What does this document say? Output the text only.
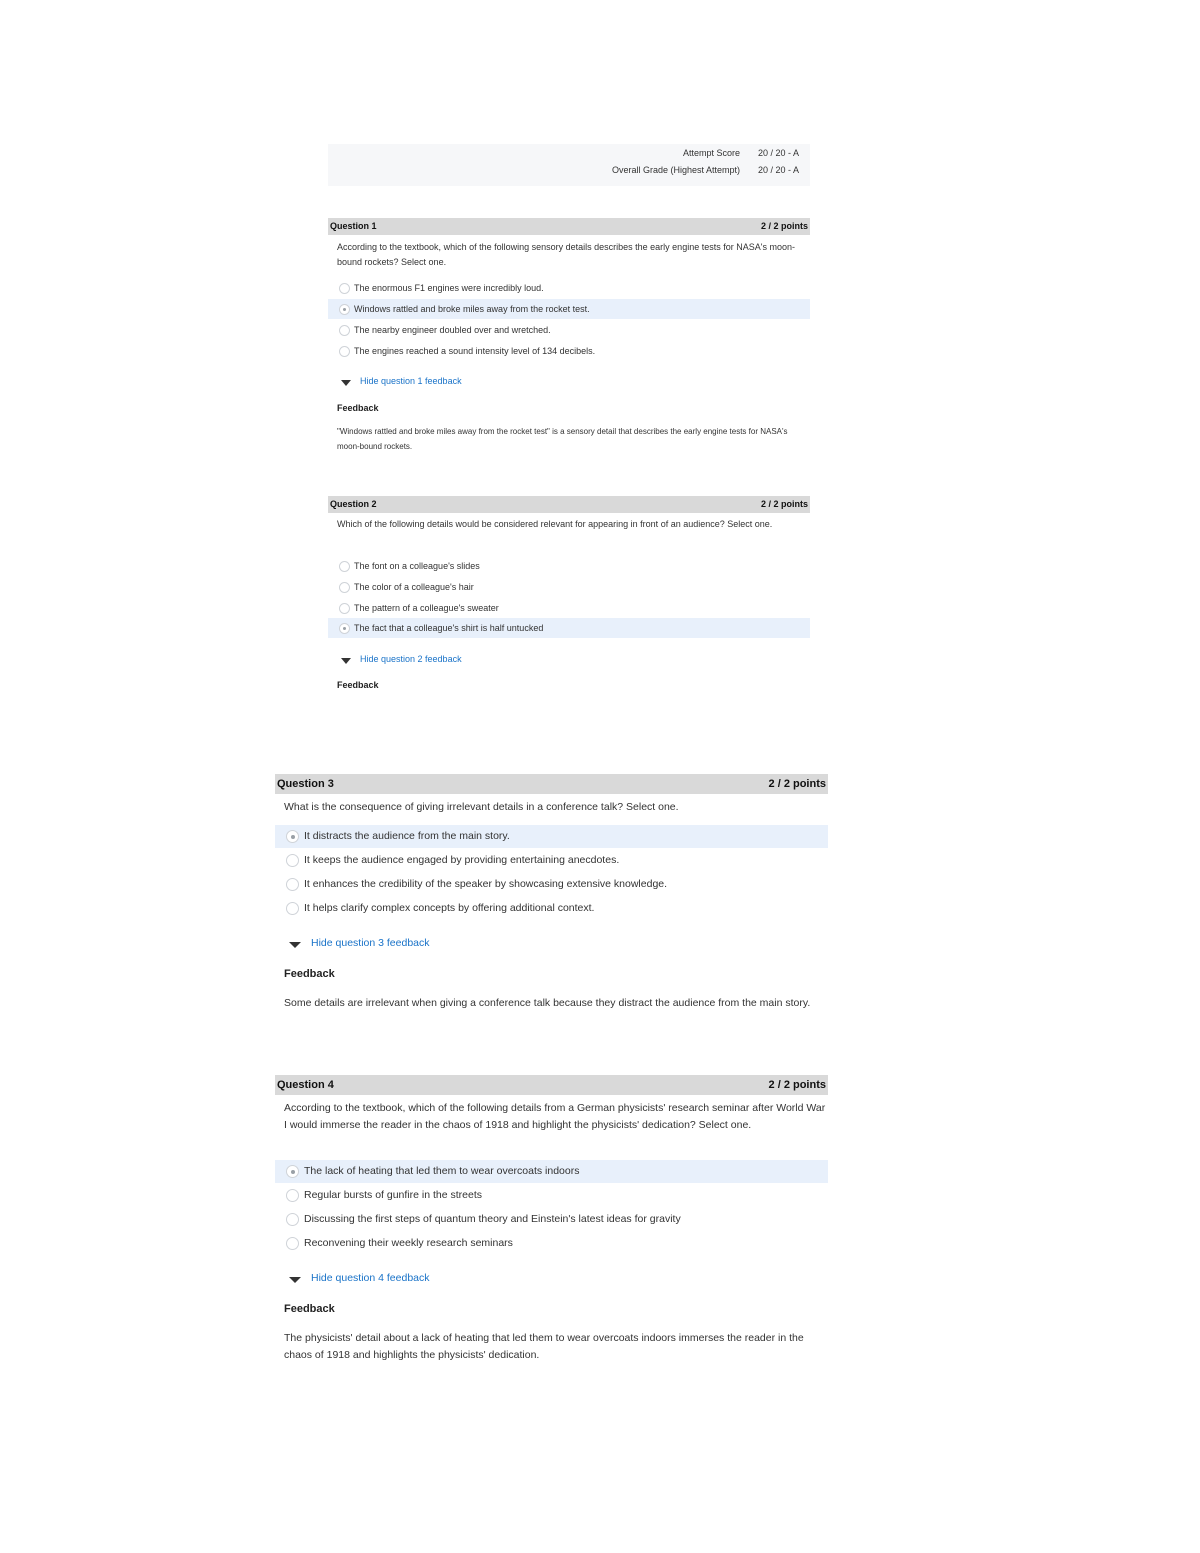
Attempt Score 20 / 20 - A
Overall Grade (Highest Attempt) 20 / 20 - A
Question 1	2 / 2 points
According to the textbook, which of the following sensory details describes the early engine tests for NASA's moon-bound rockets? Select one.
The enormous F1 engines were incredibly loud.
Windows rattled and broke miles away from the rocket test.
The nearby engineer doubled over and wretched.
The engines reached a sound intensity level of 134 decibels.
Hide question 1 feedback
Feedback
"Windows rattled and broke miles away from the rocket test" is a sensory detail that describes the early engine tests for NASA's moon-bound rockets.
Question 2	2 / 2 points
Which of the following details would be considered relevant for appearing in front of an audience? Select one.
The font on a colleague's slides
The color of a colleague's hair
The pattern of a colleague's sweater
The fact that a colleague's shirt is half untucked
Hide question 2 feedback
Feedback
Question 3	2 / 2 points
What is the consequence of giving irrelevant details in a conference talk? Select one.
It distracts the audience from the main story.
It keeps the audience engaged by providing entertaining anecdotes.
It enhances the credibility of the speaker by showcasing extensive knowledge.
It helps clarify complex concepts by offering additional context.
Hide question 3 feedback
Feedback
Some details are irrelevant when giving a conference talk because they distract the audience from the main story.
Question 4	2 / 2 points
According to the textbook, which of the following details from a German physicists' research seminar after World War I would immerse the reader in the chaos of 1918 and highlight the physicists' dedication? Select one.
The lack of heating that led them to wear overcoats indoors
Regular bursts of gunfire in the streets
Discussing the first steps of quantum theory and Einstein's latest ideas for gravity
Reconvening their weekly research seminars
Hide question 4 feedback
Feedback
The physicists' detail about a lack of heating that led them to wear overcoats indoors immerses the reader in the chaos of 1918 and highlights the physicists' dedication.
